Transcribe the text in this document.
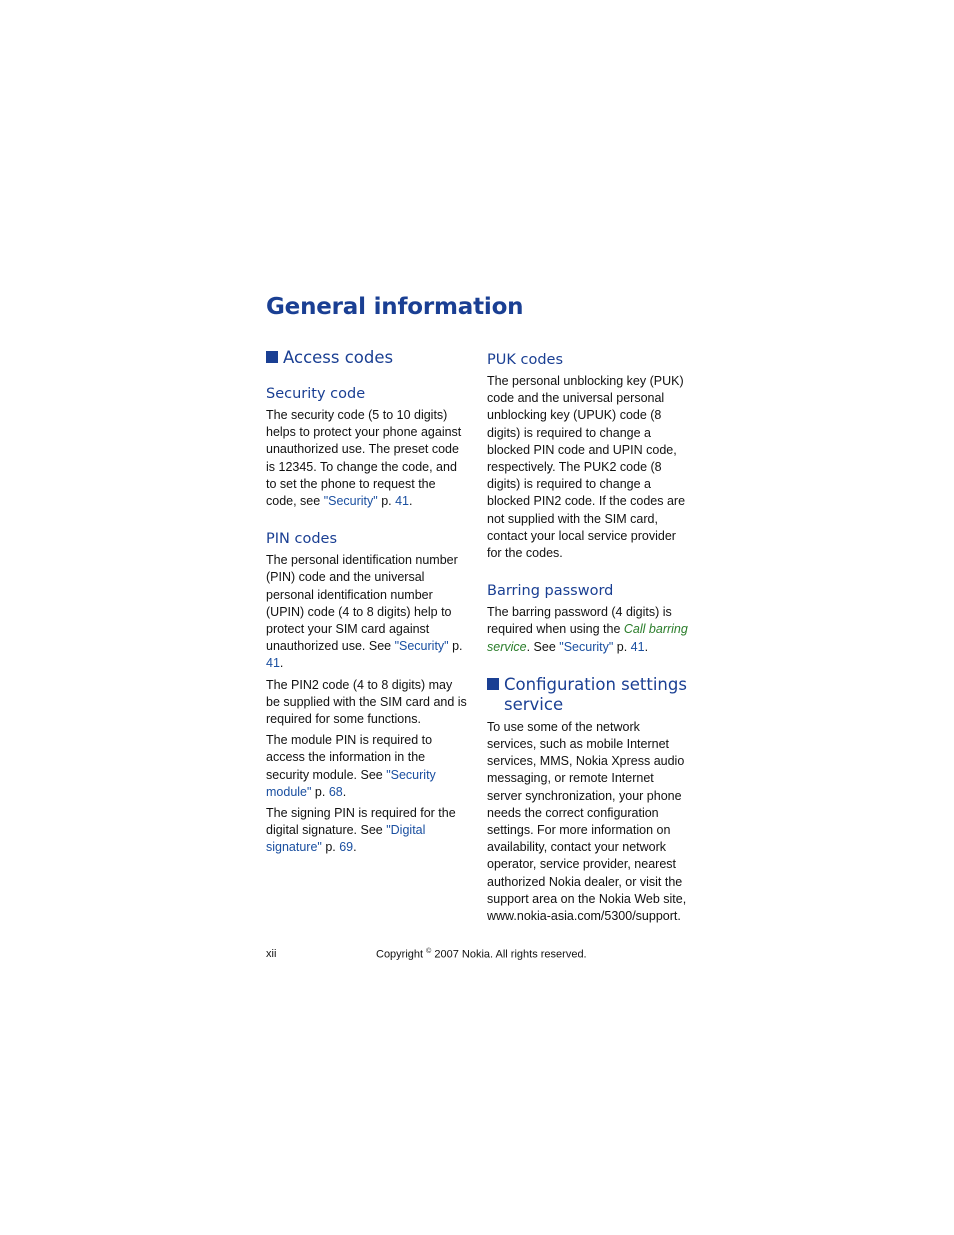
General information
Access codes
Security code

The security code (5 to 10 digits) helps to protect your phone against unauthorized use. The preset code is 12345. To change the code, and to set the phone to request the code, see "Security" p. 41.

PIN codes

The personal identification number (PIN) code and the universal personal identification number (UPIN) code (4 to 8 digits) help to protect your SIM card against unauthorized use. See "Security" p. 41.

The PIN2 code (4 to 8 digits) may be supplied with the SIM card and is required for some functions.

The module PIN is required to access the information in the security module. See "Security module" p. 68.

The signing PIN is required for the digital signature. See "Digital signature" p. 69.

PUK codes

The personal unblocking key (PUK) code and the universal personal unblocking key (UPUK) code (8 digits) is required to change a blocked PIN code and UPIN code, respectively. The PUK2 code (8 digits) is required to change a blocked PIN2 code. If the codes are not supplied with the SIM card, contact your local service provider for the codes.

Barring password

The barring password (4 digits) is required when using the Call barring service. See "Security" p. 41.

Configuration settings service

To use some of the network services, such as mobile Internet services, MMS, Nokia Xpress audio messaging, or remote Internet server synchronization, your phone needs the correct configuration settings. For more information on availability, contact your network operator, service provider, nearest authorized Nokia dealer, or visit the support area on the Nokia Web site, www.nokia-asia.com/5300/support.

xii	Copyright © 2007 Nokia. All rights reserved.
